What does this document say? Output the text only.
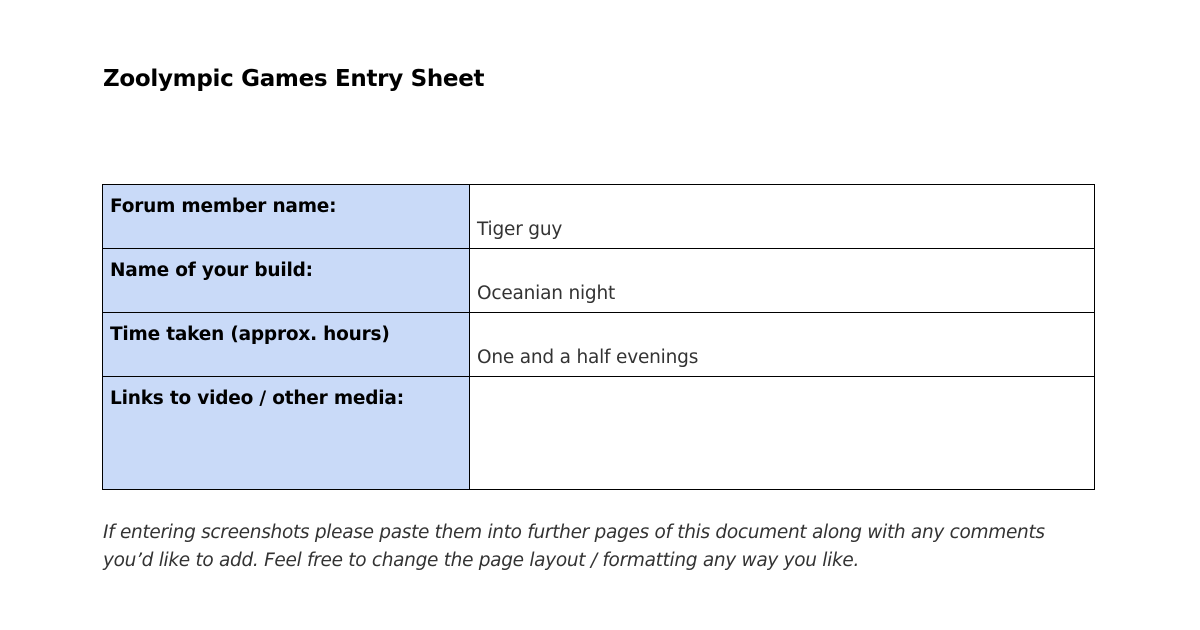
Zoolympic Games Entry Sheet
Forum member name:	Tiger guy

Name of your build:	Oceanian night

Time taken (approx. hours)	One and a half evenings

Links to video / other media:	

If entering screenshots please paste them into further pages of this document along with any comments you’d like to add. Feel free to change the page layout / formatting any way you like.
